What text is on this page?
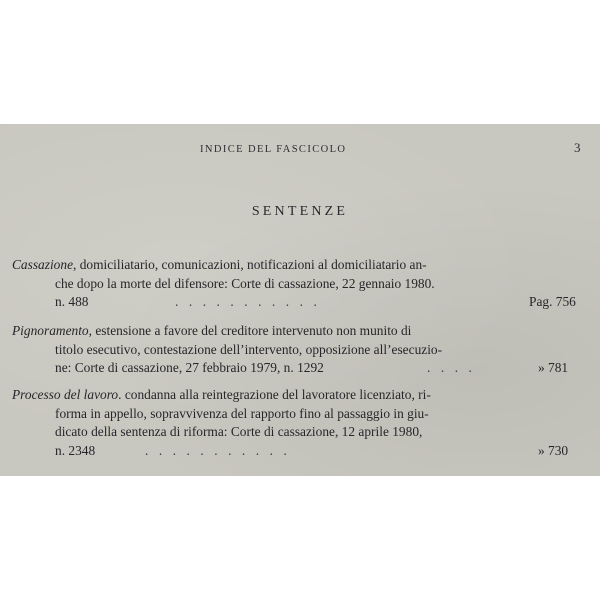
INDICE DEL FASCICOLO	3
SENTENZE
Cassazione, domiciliatario, comunicazioni, notificazioni al domiciliatario an-
che dopo la morte del difensore: Corte di cassazione, 22 gennaio 1980.
n. 488	...........	Pag. 756
Pignoramento, estensione a favore del creditore intervenuto non munito di
titolo esecutivo, contestazione dell’intervento, opposizione all’esecuzio-
ne: Corte di cassazione, 27 febbraio 1979, n. 1292	....	» 781
Processo del lavoro. condanna alla reintegrazione del lavoratore licenziato, ri-
forma in appello, sopravvivenza del rapporto fino al passaggio in giu-
dicato della sentenza di riforma: Corte di cassazione, 12 aprile 1980,
n. 2348	...........	» 730
